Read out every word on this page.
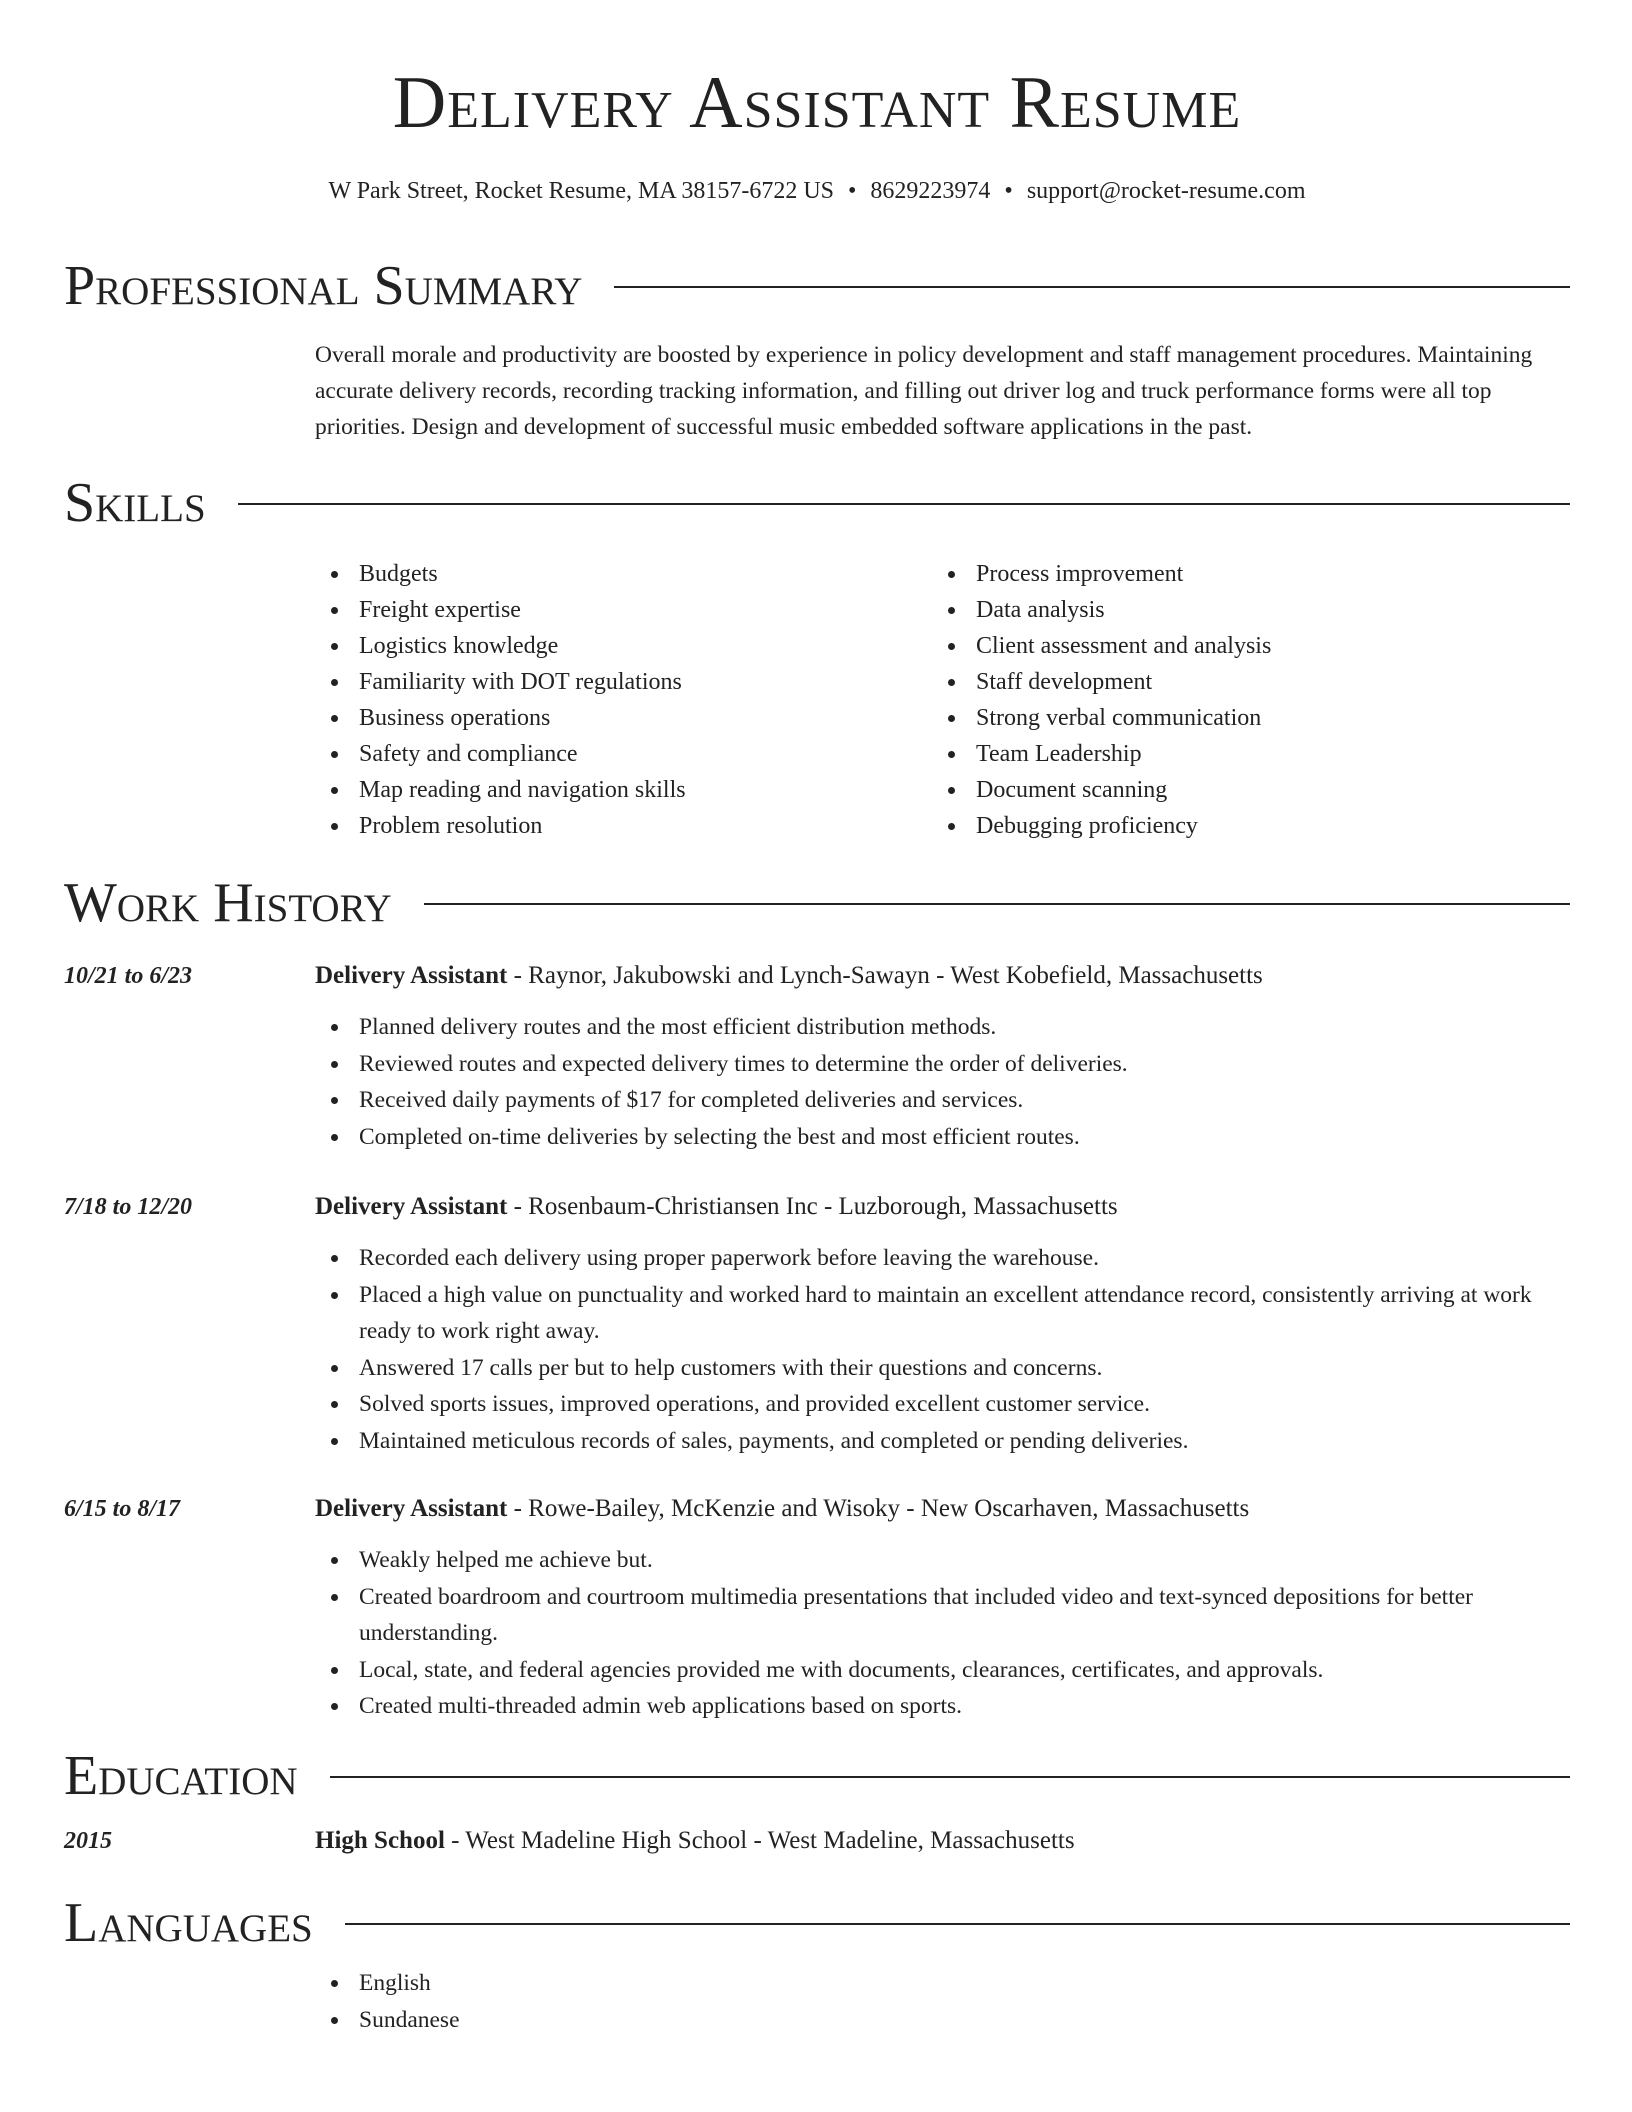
Delivery Assistant Resume
W Park Street, Rocket Resume, MA 38157-6722 US • 8629223974 • support@rocket-resume.com
Professional Summary

Overall morale and productivity are boosted by experience in policy development and staff management procedures. Maintaining accurate delivery records, recording tracking information, and filling out driver log and truck performance forms were all top priorities. Design and development of successful music embedded software applications in the past.

Skills
Budgets
Freight expertise
Logistics knowledge
Familiarity with DOT regulations
Business operations
Safety and compliance
Map reading and navigation skills
Problem resolution
Process improvement
Data analysis
Client assessment and analysis
Staff development
Strong verbal communication
Team Leadership
Document scanning
Debugging proficiency
Work History
10/21 to 6/23	Delivery Assistant - Raynor, Jakubowski and Lynch-Sawayn - West Kobefield, Massachusetts
Planned delivery routes and the most efficient distribution methods.
Reviewed routes and expected delivery times to determine the order of deliveries.
Received daily payments of $17 for completed deliveries and services.
Completed on-time deliveries by selecting the best and most efficient routes.
7/18 to 12/20	Delivery Assistant - Rosenbaum-Christiansen Inc - Luzborough, Massachusetts
Recorded each delivery using proper paperwork before leaving the warehouse.
Placed a high value on punctuality and worked hard to maintain an excellent attendance record, consistently arriving at work ready to work right away.
Answered 17 calls per but to help customers with their questions and concerns.
Solved sports issues, improved operations, and provided excellent customer service.
Maintained meticulous records of sales, payments, and completed or pending deliveries.
6/15 to 8/17	Delivery Assistant - Rowe-Bailey, McKenzie and Wisoky - New Oscarhaven, Massachusetts
Weakly helped me achieve but.
Created boardroom and courtroom multimedia presentations that included video and text-synced depositions for better understanding.
Local, state, and federal agencies provided me with documents, clearances, certificates, and approvals.
Created multi-threaded admin web applications based on sports.
Education
2015	High School - West Madeline High School - West Madeline, Massachusetts
Languages
English
Sundanese
